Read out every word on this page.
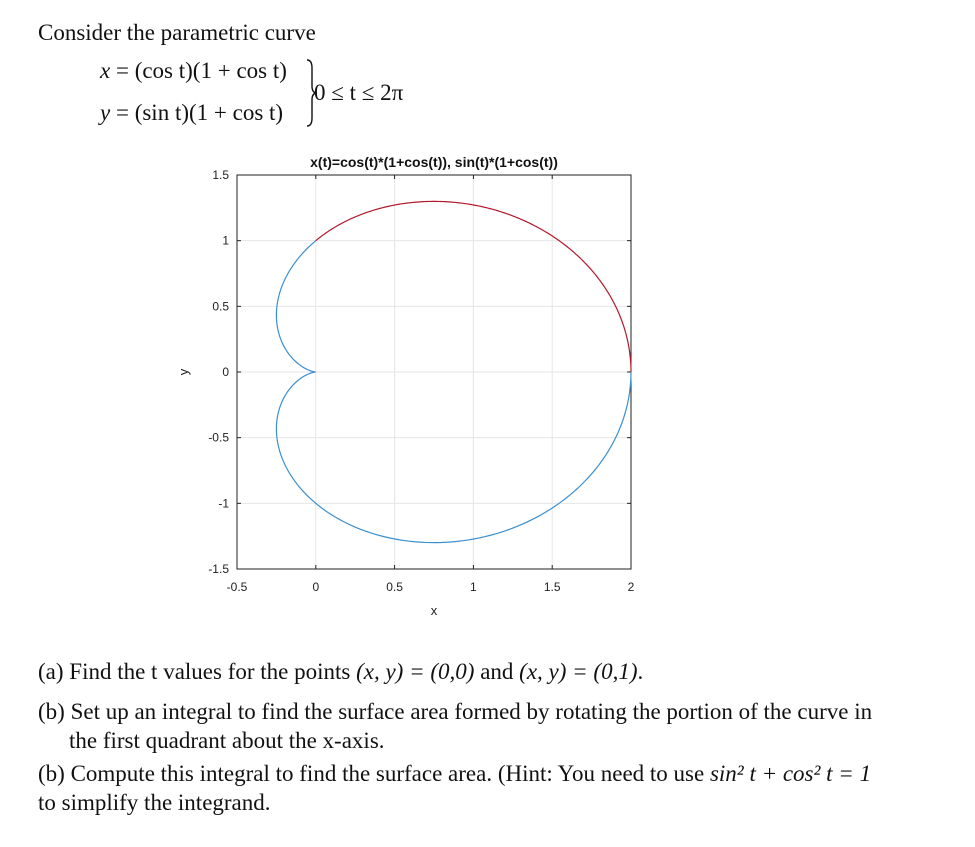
Consider the parametric curve
x = (cos t)(1 + cos t)
y = (sin t)(1 + cos t)
0 ≤ t ≤ 2π
x(t)=cos(t)*(1+cos(t)), sin(t)*(1+cos(t))
x
y
-0.5	0	0.5	1	1.5	2
1.5
1
0.5
0
-0.5
-1
-1.5
(a) Find the t values for the points (x, y) = (0,0) and (x, y) = (0,1).
(b) Set up an integral to find the surface area formed by rotating the portion of the curve in
the first quadrant about the x-axis.
(b) Compute this integral to find the surface area. (Hint: You need to use sin² t + cos² t = 1
to simplify the integrand.
